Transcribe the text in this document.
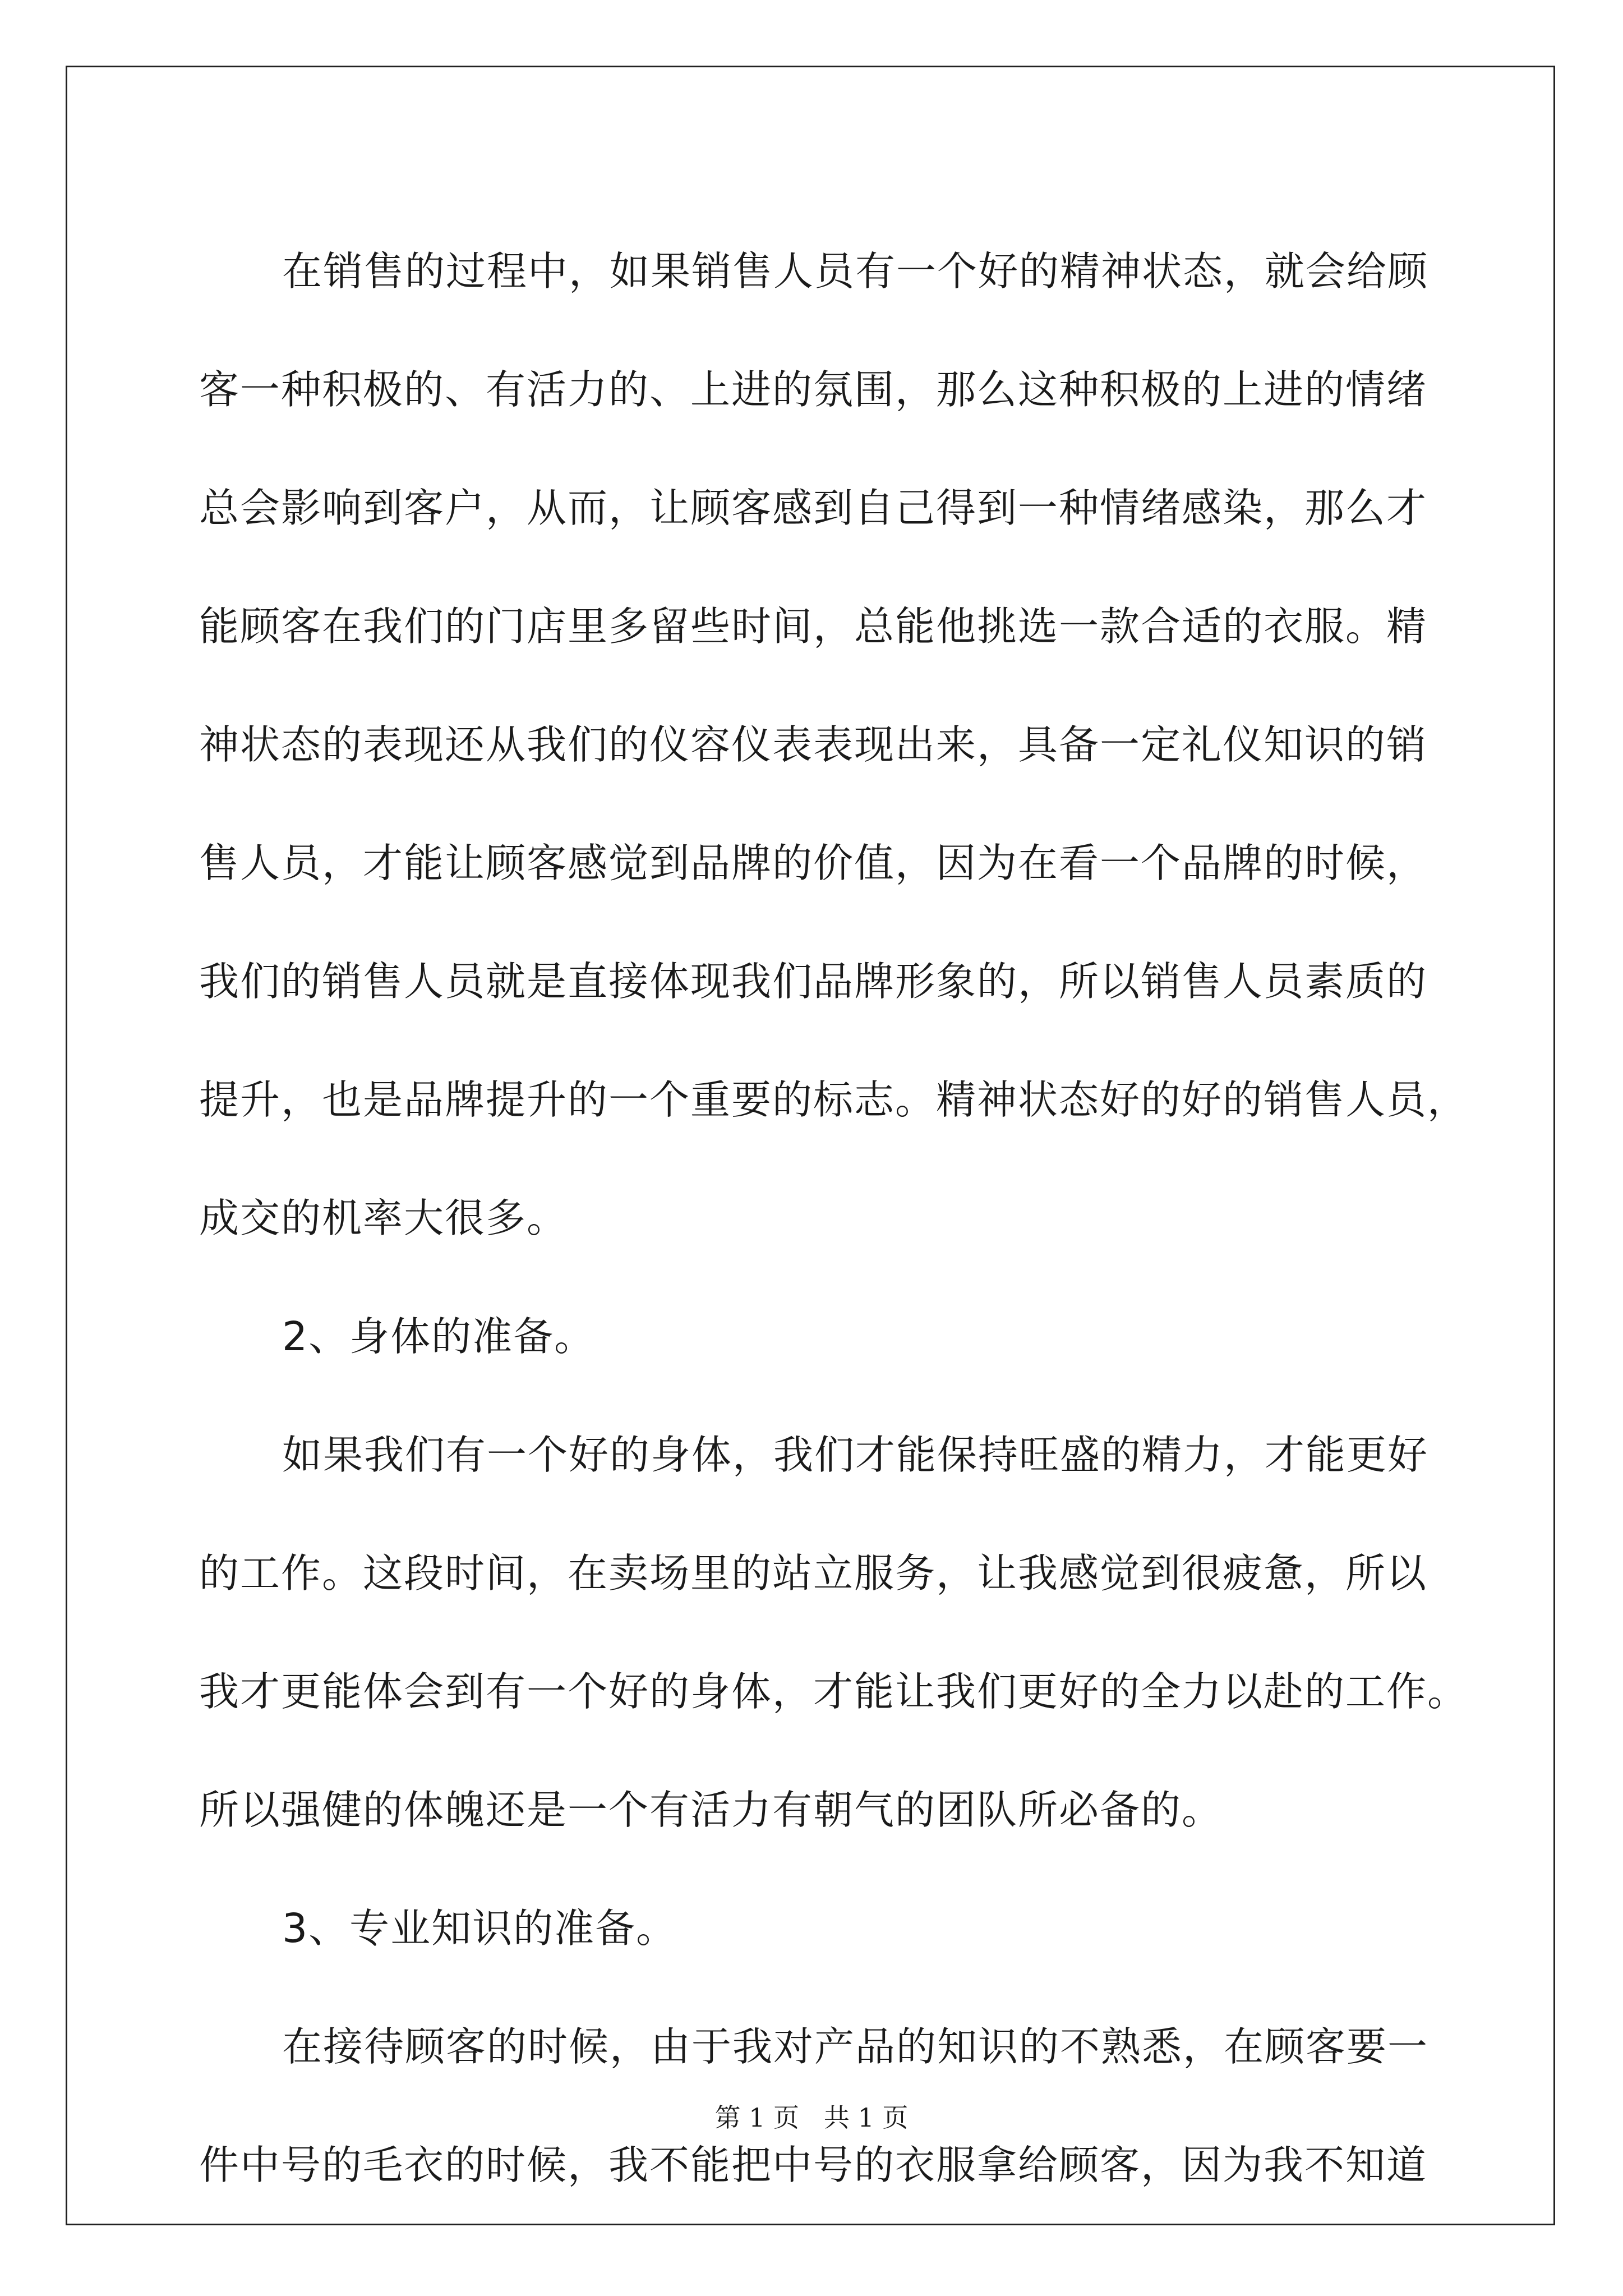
在销售的过程中，如果销售人员有一个好的精神状态，就会给顾
客一种积极的、有活力的、上进的氛围，那么这种积极的上进的情绪
总会影响到客户，从而，让顾客感到自己得到一种情绪感染，那么才
能顾客在我们的门店里多留些时间，总能他挑选一款合适的衣服。精
神状态的表现还从我们的仪容仪表表现出来，具备一定礼仪知识的销
售人员，才能让顾客感觉到品牌的价值，因为在看一个品牌的时候，
我们的销售人员就是直接体现我们品牌形象的，所以销售人员素质的
提升，也是品牌提升的一个重要的标志。精神状态好的好的销售人员，
成交的机率大很多。
2、身体的准备。
如果我们有一个好的身体，我们才能保持旺盛的精力，才能更好
的工作。这段时间，在卖场里的站立服务，让我感觉到很疲惫，所以
我才更能体会到有一个好的身体，才能让我们更好的全力以赴的工作。
所以强健的体魄还是一个有活力有朝气的团队所必备的。
3、专业知识的准备。
在接待顾客的时候，由于我对产品的知识的不熟悉，在顾客要一
件中号的毛衣的时候，我不能把中号的衣服拿给顾客，因为我不知道
第 1 页   共 1 页
